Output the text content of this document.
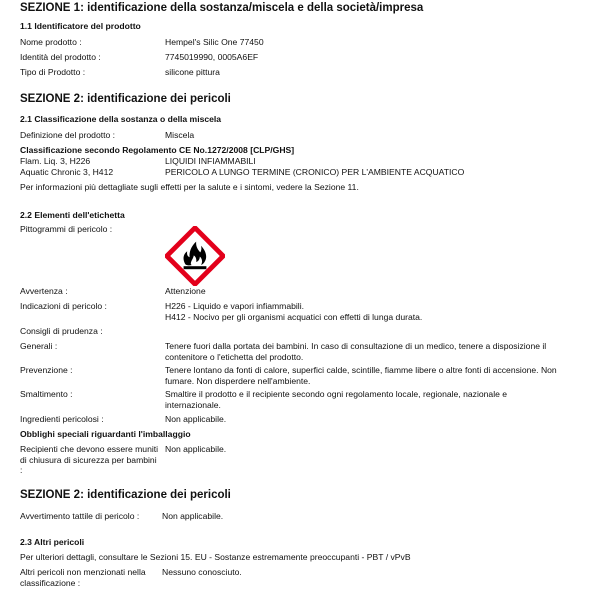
SEZIONE 1: identificazione della sostanza/miscela e della società/impresa
1.1 Identificatore del prodotto
Nome prodotto :	Hempel's Silic One 77450
Identità del prodotto :	7745019990, 0005A6EF
Tipo di Prodotto :	silicone pittura
SEZIONE 2: identificazione dei pericoli
2.1 Classificazione della sostanza o della miscela
Definizione del prodotto :	Miscela
Classificazione secondo Regolamento CE No.1272/2008 [CLP/GHS]
Flam. Liq. 3, H226	LIQUIDI INFIAMMABILI
Aquatic Chronic 3, H412	PERICOLO A LUNGO TERMINE (CRONICO) PER L'AMBIENTE ACQUATICO
Per informazioni più dettagliate sugli effetti per la salute e i sintomi, vedere la Sezione 11.
2.2 Elementi dell'etichetta
Pittogrammi di pericolo :
Avvertenza :	Attenzione
Indicazioni di pericolo :	H226 - Liquido e vapori infiammabili.
H412 - Nocivo per gli organismi acquatici con effetti di lunga durata.
Consigli di prudenza :
Generali :	Tenere fuori dalla portata dei bambini. In caso di consultazione di un medico, tenere a disposizione il contenitore o l'etichetta del prodotto.
Prevenzione :	Tenere lontano da fonti di calore, superfici calde, scintille, fiamme libere o altre fonti di accensione. Non fumare. Non disperdere nell'ambiente.
Smaltimento :	Smaltire il prodotto e il recipiente secondo ogni regolamento locale, regionale, nazionale e internazionale.
Ingredienti pericolosi :	Non applicabile.
Obblighi speciali riguardanti l'imballaggio
Recipienti che devono essere muniti di chiusura di sicurezza per bambini :
Non applicabile.
SEZIONE 2: identificazione dei pericoli
Avvertimento tattile di pericolo :	Non applicabile.
2.3 Altri pericoli
Per ulteriori dettagli, consultare le Sezioni 15. EU - Sostanze estremamente preoccupanti - PBT / vPvB
Altri pericoli non menzionati nella classificazione :
Nessuno conosciuto.
